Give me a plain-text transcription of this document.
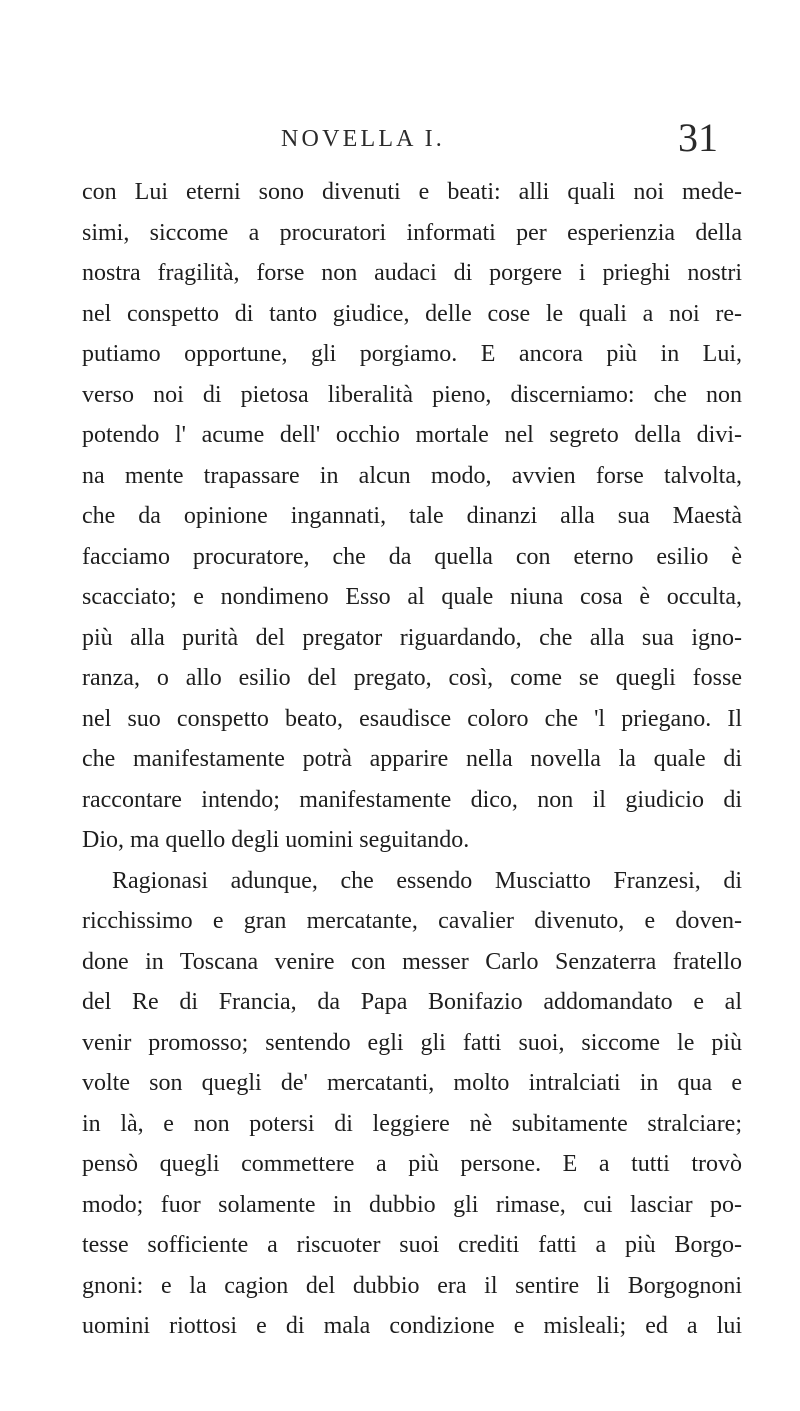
NOVELLA I.	31
con Lui eterni sono divenuti e beati: alli quali noi mede-
simi, siccome a procuratori informati per esperienzia della
nostra fragilità, forse non audaci di porgere i prieghi nostri
nel conspetto di tanto giudice, delle cose le quali a noi re-
putiamo opportune, gli porgiamo. E ancora più in Lui,
verso noi di pietosa liberalità pieno, discerniamo: che non
potendo l' acume dell' occhio mortale nel segreto della divi-
na mente trapassare in alcun modo, avvien forse talvolta,
che da opinione ingannati, tale dinanzi alla sua Maestà
facciamo procuratore, che da quella con eterno esilio è
scacciato; e nondimeno Esso al quale niuna cosa è occulta,
più alla purità del pregator riguardando, che alla sua igno-
ranza, o allo esilio del pregato, così, come se quegli fosse
nel suo conspetto beato, esaudisce coloro che 'l priegano. Il
che manifestamente potrà apparire nella novella la quale di
raccontare intendo; manifestamente dico, non il giudicio di
Dio, ma quello degli uomini seguitando.
Ragionasi adunque, che essendo Musciatto Franzesi, di
ricchissimo e gran mercatante, cavalier divenuto, e doven-
done in Toscana venire con messer Carlo Senzaterra fratello
del Re di Francia, da Papa Bonifazio addomandato e al
venir promosso; sentendo egli gli fatti suoi, siccome le più
volte son quegli de' mercatanti, molto intralciati in qua e
in là, e non potersi di leggiere nè subitamente stralciare;
pensò quegli commettere a più persone. E a tutti trovò
modo; fuor solamente in dubbio gli rimase, cui lasciar po-
tesse sofficiente a riscuoter suoi crediti fatti a più Borgo-
gnoni: e la cagion del dubbio era il sentire li Borgognoni
uomini riottosi e di mala condizione e misleali; ed a lui
